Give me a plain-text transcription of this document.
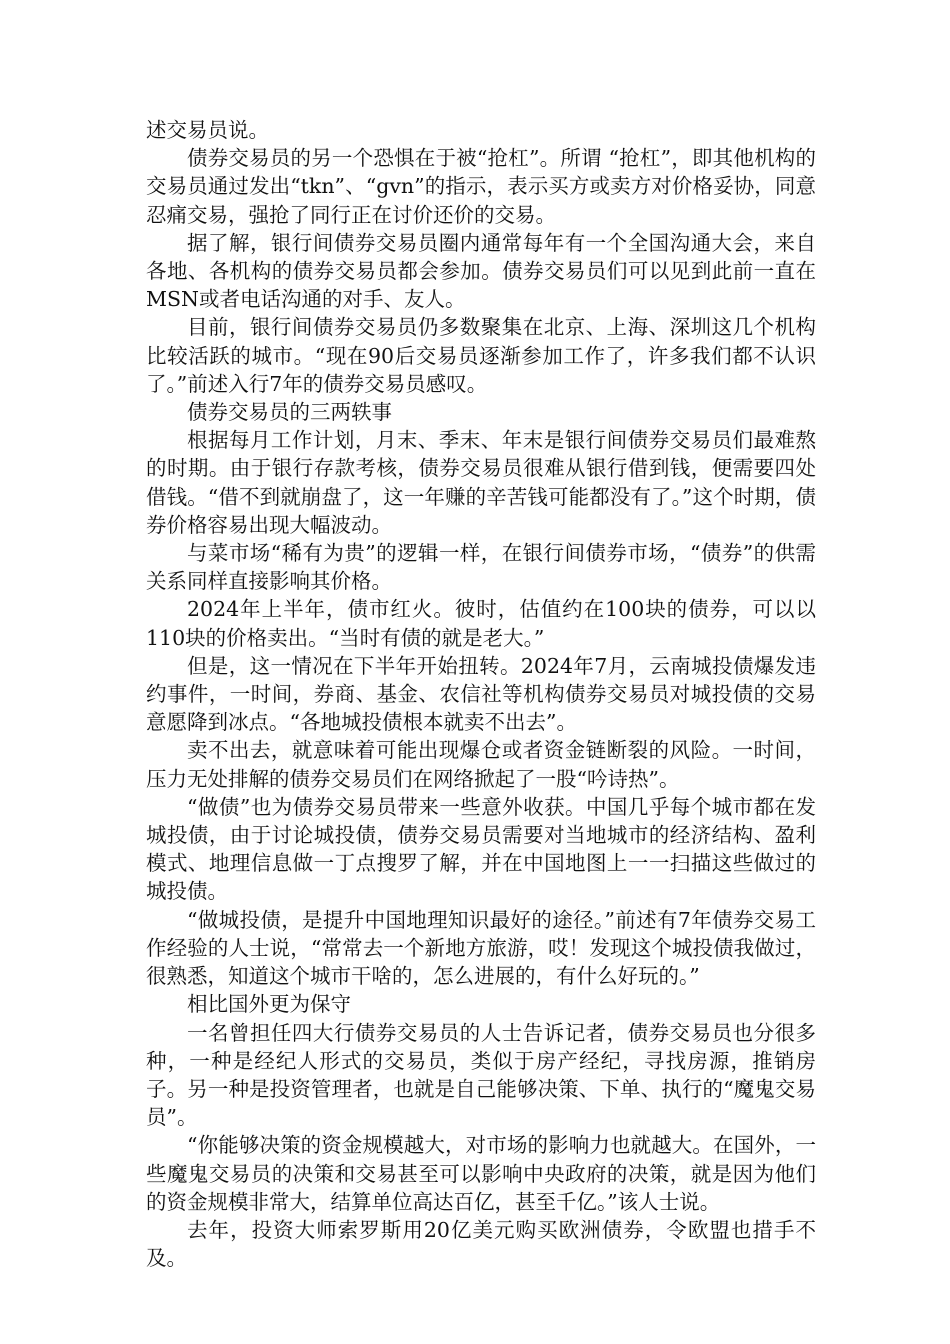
述交易员说。

债券交易员的另一个恐惧在于被“抢杠”。所谓 “抢杠”，即其他机构的交易员通过发出“tkn”、“gvn”的指示，表示买方或卖方对价格妥协，同意忍痛交易，强抢了同行正在讨价还价的交易。

据了解，银行间债券交易员圈内通常每年有一个全国沟通大会，来自各地、各机构的债券交易员都会参加。债券交易员们可以见到此前一直在MSN或者电话沟通的对手、友人。

目前，银行间债券交易员仍多数聚集在北京、上海、深圳这几个机构比较活跃的城市。“现在90后交易员逐渐参加工作了，许多我们都不认识了。”前述入行7年的债券交易员感叹。

债券交易员的三两轶事

根据每月工作计划，月末、季末、年末是银行间债券交易员们最难熬的时期。由于银行存款考核，债券交易员很难从银行借到钱，便需要四处借钱。“借不到就崩盘了，这一年赚的辛苦钱可能都没有了。”这个时期，债券价格容易出现大幅波动。

与菜市场“稀有为贵”的逻辑一样，在银行间债券市场，“债券”的供需关系同样直接影响其价格。

2024年上半年，债市红火。彼时，估值约在100块的债券，可以以110块的价格卖出。“当时有债的就是老大。”

但是，这一情况在下半年开始扭转。2024年7月，云南城投债爆发违约事件，一时间，券商、基金、农信社等机构债券交易员对城投债的交易意愿降到冰点。“各地城投债根本就卖不出去”。

卖不出去，就意味着可能出现爆仓或者资金链断裂的风险。一时间，压力无处排解的债券交易员们在网络掀起了一股“吟诗热”。

“做债”也为债券交易员带来一些意外收获。中国几乎每个城市都在发城投债，由于讨论城投债，债券交易员需要对当地城市的经济结构、盈利模式、地理信息做一丁点搜罗了解，并在中国地图上一一扫描这些做过的城投债。

“做城投债，是提升中国地理知识最好的途径。”前述有7年债券交易工作经验的人士说，“常常去一个新地方旅游，哎！发现这个城投债我做过，很熟悉，知道这个城市干啥的，怎么进展的，有什么好玩的。”

相比国外更为保守

一名曾担任四大行债券交易员的人士告诉记者，债券交易员也分很多种，一种是经纪人形式的交易员，类似于房产经纪，寻找房源，推销房子。另一种是投资管理者，也就是自己能够决策、下单、执行的“魔鬼交易员”。

“你能够决策的资金规模越大，对市场的影响力也就越大。在国外，一些魔鬼交易员的决策和交易甚至可以影响中央政府的决策，就是因为他们的资金规模非常大，结算单位高达百亿，甚至千亿。”该人士说。

去年，投资大师索罗斯用20亿美元购买欧洲债券，令欧盟也措手不及。
